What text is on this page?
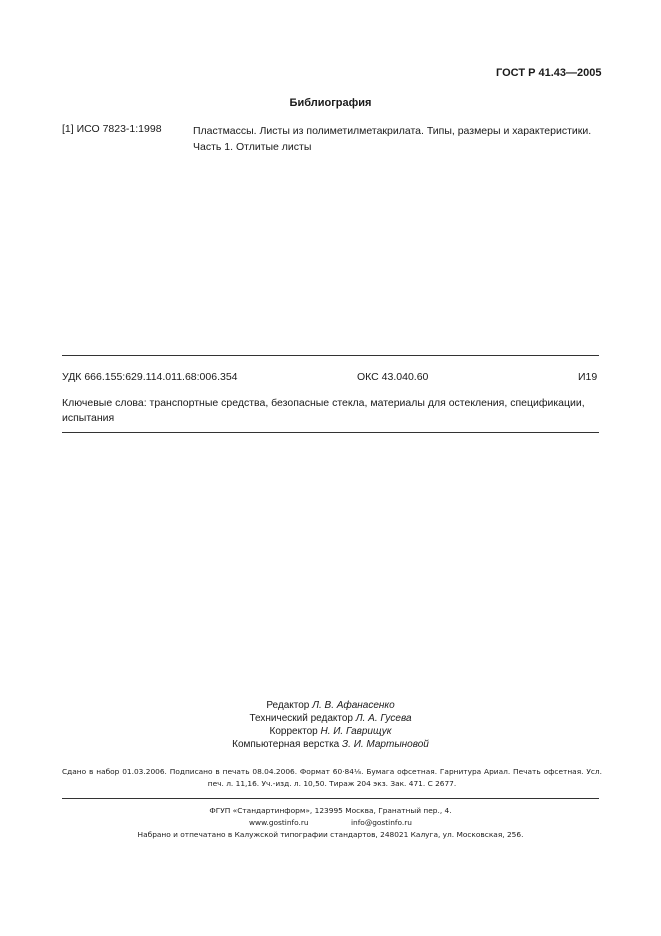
ГОСТ Р 41.43—2005
Библиография
[1] ИСО 7823-1:1998	Пластмассы. Листы из полиметилметакрилата. Типы, размеры и характеристики.
Часть 1. Отлитые листы
УДК 666.155:629.114.011.68:006.354	ОКС 43.040.60	И19
Ключевые слова: транспортные средства, безопасные стекла, материалы для остекления, спецификации, испытания
Редактор Л. В. Афанасенко
Технический редактор Л. А. Гусева
Корректор Н. И. Гаврищук
Компьютерная верстка З. И. Мартыновой
Сдано в набор 01.03.2006. Подписано в печать 08.04.2006. Формат 60·84⅛. Бумага офсетная. Гарнитура Ариал. Печать офсетная. Усл. печ. л. 11,16. Уч.-изд. л. 10,50. Тираж 204 экз. Зак. 471. С 2677.
ФГУП «Стандартинформ», 123995 Москва, Гранатный пер., 4.
www.gostinfo.ru	info@gostinfo.ru
Набрано и отпечатано в Калужской типографии стандартов, 248021 Калуга, ул. Московская, 256.
